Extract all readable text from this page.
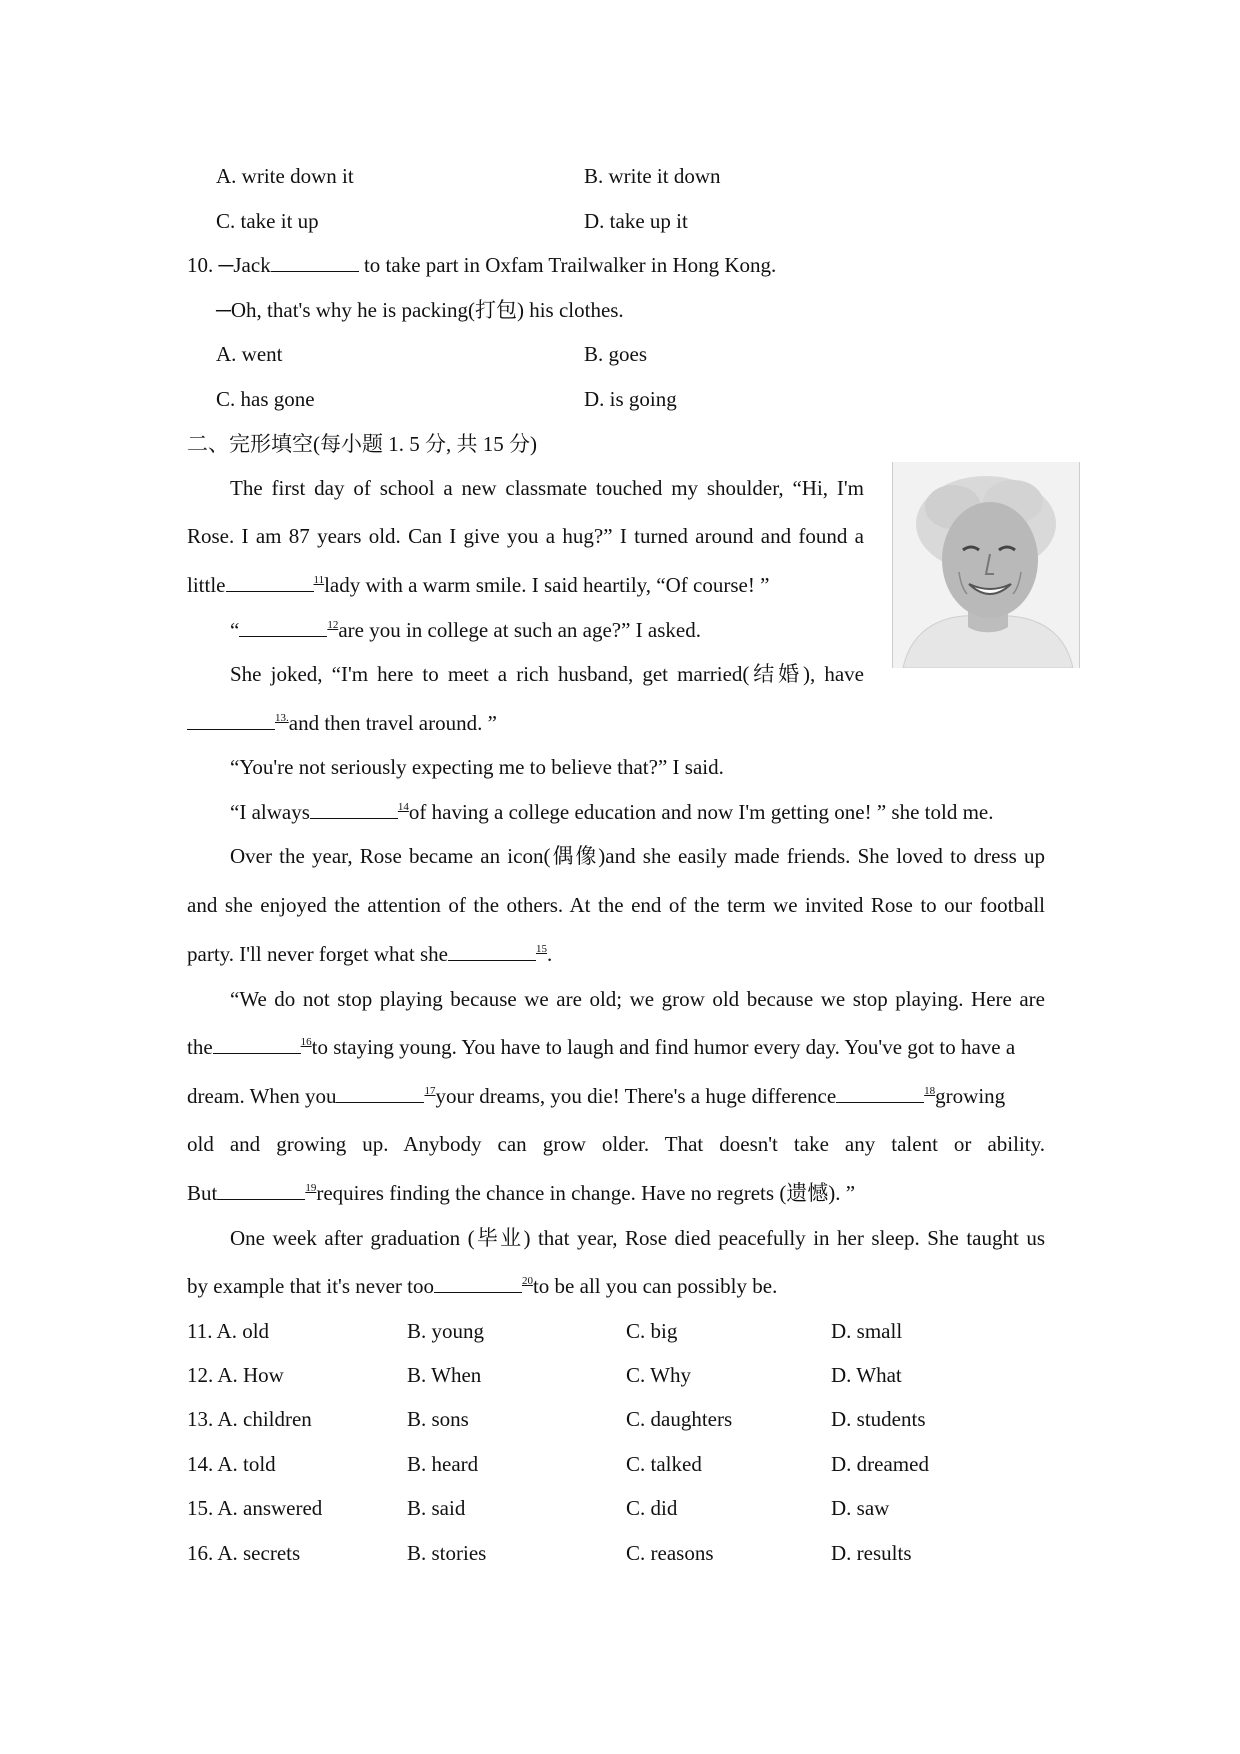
A. write down it	B. write it down
C. take it up	D. take up it
10. ─Jack	to take part in Oxfam Trailwalker in Hong Kong.
─Oh, that's why he is packing(打包) his clothes.
A. went	B. goes
C. has gone	D. is going
二、完形填空(每小题 1. 5 分, 共 15 分)
The first day of school a new classmate touched my shoulder, “Hi, I'm
Rose. I am 87 years old. Can I give you a hug?” I turned around and found a
little	$^{11}$lady with a warm smile. I said heartily, “Of course! ”
“	$^{12}$are you in college at such an age?” I asked.
She joked, “I'm here to meet a rich husband, get married(结婚), have
$^{13.}$and then travel around. ”
“You're not seriously expecting me to believe that?” I said.
“I always	$^{14}$of having a college education and now I'm getting one! ” she told me.
Over the year, Rose became an icon(偶像)and she easily made friends. She loved to dress up
and she enjoyed the attention of the others. At the end of the term we invited Rose to our football
party. I'll never forget what she	$^{15}$.
“We do not stop playing because we are old; we grow old because we stop playing. Here are
the	$^{16}$to staying young. You have to laugh and find humor every day. You've got to have a
dream. When you	$^{17}$your dreams, you die! There's a huge difference	$^{18}$growing
old and growing up. Anybody can grow older. That doesn't take any talent or ability.
But	$^{19}$requires finding the chance in change. Have no regrets (遗憾). ”
One week after graduation (毕业) that year, Rose died peacefully in her sleep. She taught us
by example that it's never too	$^{20}$to be all you can possibly be.
11. A. old	B. young	C. big	D. small
12. A. How	B. When	C. Why	D. What
13. A. children	B. sons	C. daughters	D. students
14. A. told	B. heard	C. talked	D. dreamed
15. A. answered	B. said	C. did	D. saw
16. A. secrets	B. stories	C. reasons	D. results
